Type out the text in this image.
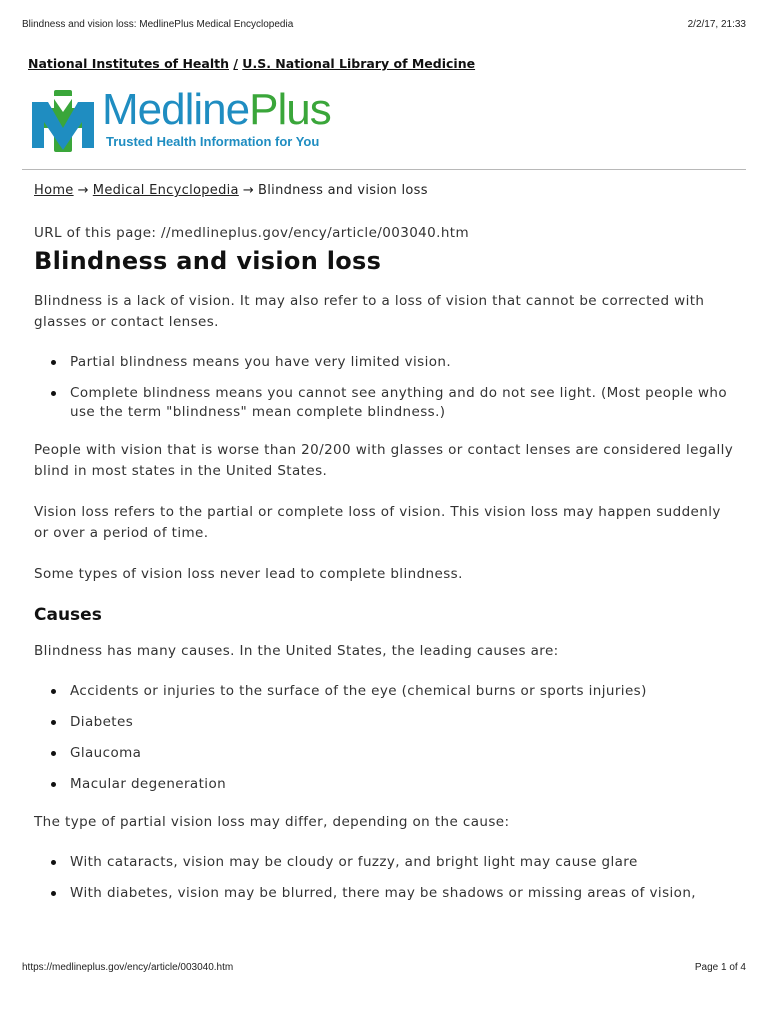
Blindness and vision loss: MedlinePlus Medical Encyclopedia	2/2/17, 21:33
National Institutes of Health / U.S. National Library of Medicine
MedlinePlus
Trusted Health Information for You
Home → Medical Encyclopedia → Blindness and vision loss
URL of this page: //medlineplus.gov/ency/article/003040.htm
Blindness and vision loss

Blindness is a lack of vision. It may also refer to a loss of vision that cannot be corrected with glasses or contact lenses.

Partial blindness means you have very limited vision.
Complete blindness means you cannot see anything and do not see light. (Most people who use the term "blindness" mean complete blindness.)

People with vision that is worse than 20/200 with glasses or contact lenses are considered legally blind in most states in the United States.

Vision loss refers to the partial or complete loss of vision. This vision loss may happen suddenly or over a period of time.

Some types of vision loss never lead to complete blindness.

Causes

Blindness has many causes. In the United States, the leading causes are:

Accidents or injuries to the surface of the eye (chemical burns or sports injuries)
Diabetes
Glaucoma
Macular degeneration

The type of partial vision loss may differ, depending on the cause:

With cataracts, vision may be cloudy or fuzzy, and bright light may cause glare
With diabetes, vision may be blurred, there may be shadows or missing areas of vision,
https://medlineplus.gov/ency/article/003040.htm	Page 1 of 4
